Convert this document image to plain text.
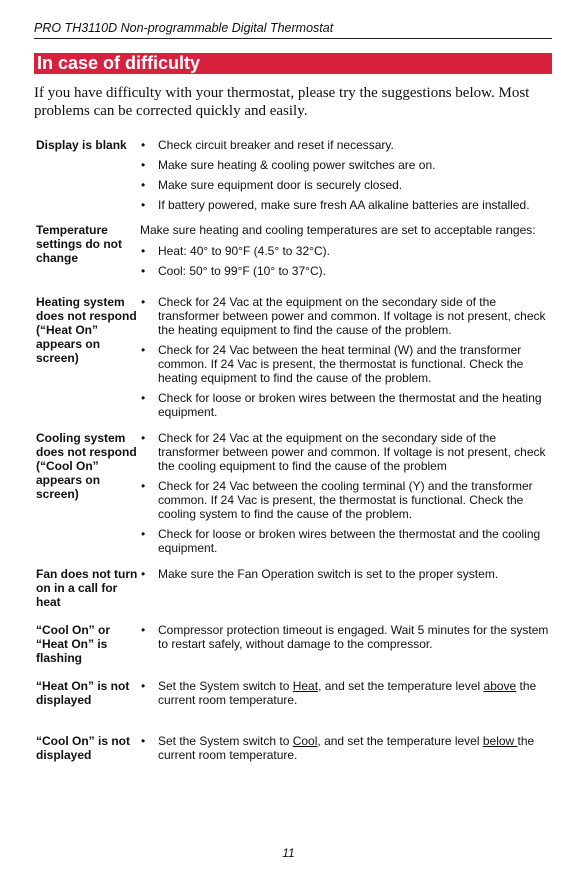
PRO TH3110D Non-programmable Digital Thermostat
In case of difficulty
If you have difficulty with your thermostat, please try the suggestions below. Most problems can be corrected quickly and easily.
Display is blank
•	Check circuit breaker and reset if necessary.
• Make sure heating & cooling power switches are on.
• Make sure equipment door is securely closed.
• If battery powered, make sure fresh AA alkaline batteries are installed.
Temperature settings do not change

Make sure heating and cooling temperatures are set to acceptable ranges:

• Heat: 40° to 90°F (4.5° to 32°C).
• Cool: 50° to 99°F (10° to 37°C).
Heating system does not respond (“Heat On” appears on screen)
• Check for 24 Vac at the equipment on the secondary side of the transformer between power and common. If voltage is not present, check the heating equipment to find the cause of the problem.
• Check for 24 Vac between the heat terminal (W) and the transformer common. If 24 Vac is present, the thermostat is functional. Check the heating equipment to find the cause of the problem.
• Check for loose or broken wires between the thermostat and the heating equipment.
Cooling system does not respond (“Cool On” appears on screen)
• Check for 24 Vac at the equipment on the secondary side of the transformer between power and common. If voltage is not present, check the cooling equipment to find the cause of the problem
• Check for 24 Vac between the cooling terminal (Y) and the transformer common. If 24 Vac is present, the thermostat is functional. Check the cooling system to find the cause of the problem.
• Check for loose or broken wires between the thermostat and the cooling equipment.
Fan does not turn on in a call for heat
• Make sure the Fan Operation switch is set to the proper system.
“Cool On” or “Heat On” is flashing
• Compressor protection timeout is engaged. Wait 5 minutes for the system to restart safely, without damage to the compressor.
“Heat On” is not displayed
• Set the System switch to Heat, and set the temperature level above the current room temperature.
“Cool On” is not displayed
• Set the System switch to Cool, and set the temperature level below the current room temperature.
11
